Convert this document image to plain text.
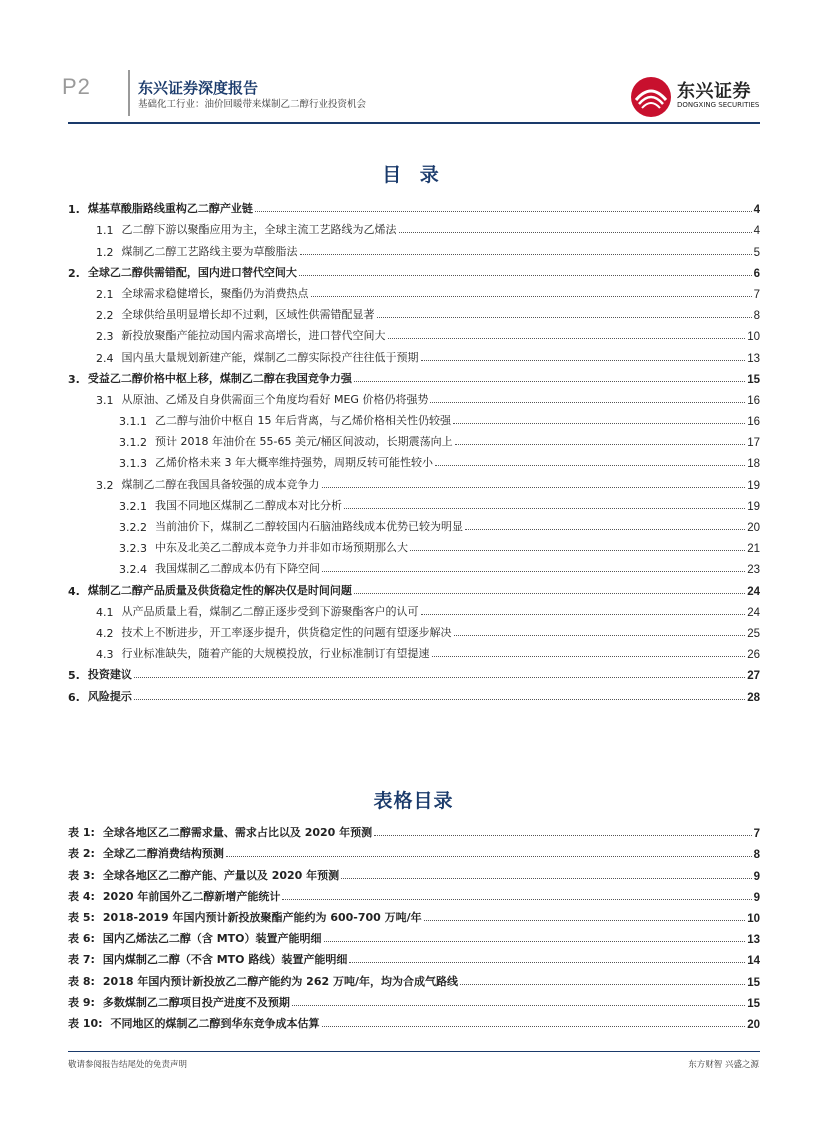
P2	东兴证券深度报告
基础化工行业：油价回暖带来煤制乙二醇行业投资机会
东兴证券
DONGXING SECURITIES
目 录
1. 煤基草酸脂路线重构乙二醇产业链	4
1.1 乙二醇下游以聚酯应用为主，全球主流工艺路线为乙烯法	4
1.2 煤制乙二醇工艺路线主要为草酸脂法	5
2. 全球乙二醇供需错配，国内进口替代空间大	6
2.1 全球需求稳健增长，聚酯仍为消费热点	7
2.2 全球供给虽明显增长却不过剩，区域性供需错配显著	8
2.3 新投放聚酯产能拉动国内需求高增长，进口替代空间大	10
2.4 国内虽大量规划新建产能，煤制乙二醇实际投产往往低于预期	13
3. 受益乙二醇价格中枢上移，煤制乙二醇在我国竞争力强	15
3.1 从原油、乙烯及自身供需面三个角度均看好 MEG 价格仍将强势	16
3.1.1 乙二醇与油价中枢自 15 年后背离，与乙烯价格相关性仍较强	16
3.1.2 预计 2018 年油价在 55-65 美元/桶区间波动，长期震荡向上	17
3.1.3 乙烯价格未来 3 年大概率维持强势，周期反转可能性较小	18
3.2 煤制乙二醇在我国具备较强的成本竞争力	19
3.2.1 我国不同地区煤制乙二醇成本对比分析	19
3.2.2 当前油价下，煤制乙二醇较国内石脑油路线成本优势已较为明显	20
3.2.3 中东及北美乙二醇成本竞争力并非如市场预期那么大	21
3.2.4 我国煤制乙二醇成本仍有下降空间	23
4. 煤制乙二醇产品质量及供货稳定性的解决仅是时间问题	24
4.1 从产品质量上看，煤制乙二醇正逐步受到下游聚酯客户的认可	24
4.2 技术上不断进步，开工率逐步提升，供货稳定性的问题有望逐步解决	25
4.3 行业标准缺失，随着产能的大规模投放，行业标准制订有望提速	26
5. 投资建议	27
6. 风险提示	28
表格目录
表 1: 全球各地区乙二醇需求量、需求占比以及 2020 年预测	7
表 2: 全球乙二醇消费结构预测	8
表 3: 全球各地区乙二醇产能、产量以及 2020 年预测	9
表 4: 2020 年前国外乙二醇新增产能统计	9
表 5: 2018-2019 年国内预计新投放聚酯产能约为 600-700 万吨/年	10
表 6: 国内乙烯法乙二醇（含 MTO）装置产能明细	13
表 7: 国内煤制乙二醇（不含 MTO 路线）装置产能明细	14
表 8: 2018 年国内预计新投放乙二醇产能约为 262 万吨/年，均为合成气路线	15
表 9: 多数煤制乙二醇项目投产进度不及预期	15
表 10: 不同地区的煤制乙二醇到华东竞争成本估算	20
敬请参阅报告结尾处的免责声明	东方财智 兴盛之源
